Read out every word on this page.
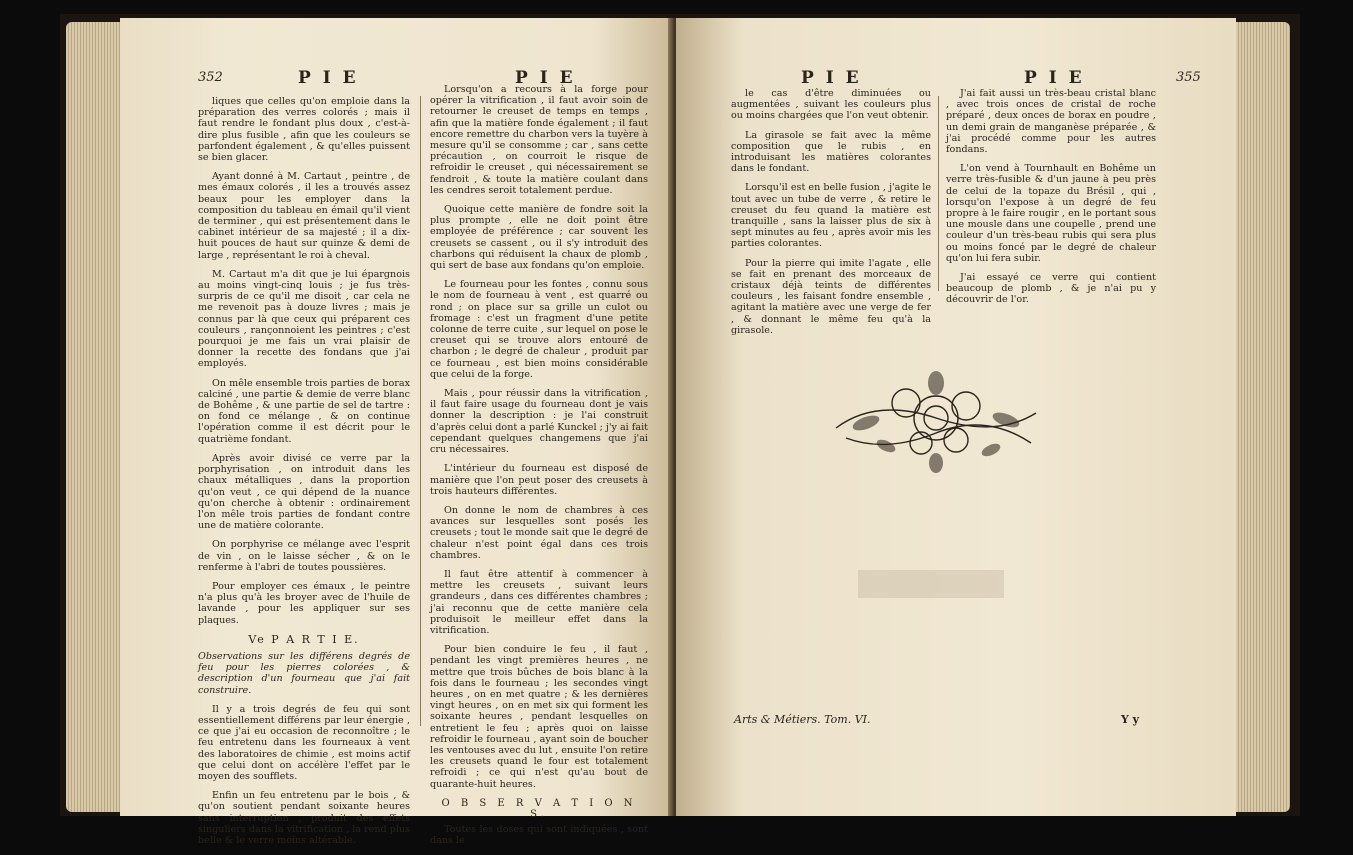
352	P I E	P I E

liques que celles qu'on emploie dans la préparation des verres colorés ; mais il faut rendre le fondant plus doux , c'est-à-dire plus fusible , afin que les couleurs se parfondent également , & qu'elles puissent se bien glacer.

Ayant donné à M. Cartaut , peintre , de mes émaux colorés , il les a trouvés assez beaux pour les employer dans la composition du tableau en émail qu'il vient de terminer , qui est présentement dans le cabinet intérieur de sa majesté ; il a dix-huit pouces de haut sur quinze & demi de large , représentant le roi à cheval.

M. Cartaut m'a dit que je lui épargnois au moins vingt-cinq louis ; je fus très-surpris de ce qu'il me disoit , car cela ne me revenoit pas à douze livres ; mais je connus par là que ceux qui préparent ces couleurs , rançonnoient les peintres ; c'est pourquoi je me fais un vrai plaisir de donner la recette des fondans que j'ai employés.

On mêle ensemble trois parties de borax calciné , une partie & demie de verre blanc de Bohême , & une partie de sel de tartre : on fond ce mélange , & on continue l'opération comme il est décrit pour le quatrième fondant.

Après avoir divisé ce verre par la porphyrisation , on introduit dans les chaux métalliques , dans la proportion qu'on veut , ce qui dépend de la nuance qu'on cherche à obtenir : ordinairement l'on mêle trois parties de fondant contre une de matière colorante.

On porphyrise ce mélange avec l'esprit de vin , on le laisse sécher , & on le renferme à l'abri de toutes poussières.

Pour employer ces émaux , le peintre n'a plus qu'à les broyer avec de l'huile de lavande , pour les appliquer sur ses plaques.

Ve P A R T I E.
Observations sur les différens degrés de feu pour les pierres colorées , & description d'un fourneau que j'ai fait construire.

Il y a trois degrés de feu qui sont essentiellement différens par leur énergie , ce que j'ai eu occasion de reconnoître ; le feu entretenu dans les fourneaux à vent des laboratoires de chimie , est moins actif que celui dont on accélère l'effet par le moyen des soufflets.

Enfin un feu entretenu par le bois , & qu'on soutient pendant soixante heures sans interruption , produit des effets singuliers dans la vitrification , la rend plus belle & le verre moins altérable.

Lorsqu'on a recours à la forge pour opérer la vitrification , il faut avoir soin de retourner le creuset de temps en temps , afin que la matière fonde également ; il faut encore remettre du charbon vers la tuyère à mesure qu'il se consomme ; car , sans cette précaution , on courroit le risque de refroidir le creuset , qui nécessairement se fendroit , & toute la matière coulant dans les cendres seroit totalement perdue.

Quoique cette manière de fondre soit la plus prompte , elle ne doit point être employée de préférence ; car souvent les creusets se cassent , ou il s'y introduit des charbons qui réduisent la chaux de plomb , qui sert de base aux fondans qu'on emploie.

Le fourneau pour les fontes , connu sous le nom de fourneau à vent , est quarré ou rond ; on place sur sa grille un culot ou fromage : c'est un fragment d'une petite colonne de terre cuite , sur lequel on pose le creuset qui se trouve alors entouré de charbon ; le degré de chaleur , produit par ce fourneau , est bien moins considérable que celui de la forge.

Mais , pour réussir dans la vitrification , il faut faire usage du fourneau dont je vais donner la description : je l'ai construit d'après celui dont a parlé Kunckel ; j'y ai fait cependant quelques changemens que j'ai cru nécessaires.

L'intérieur du fourneau est disposé de manière que l'on peut poser des creusets à trois hauteurs différentes.

On donne le nom de chambres à ces avances sur lesquelles sont posés les creusets ; tout le monde sait que le degré de chaleur n'est point égal dans ces trois chambres.

Il faut être attentif à commencer à mettre les creusets , suivant leurs grandeurs , dans ces différentes chambres ; j'ai reconnu que de cette manière cela produisoit le meilleur effet dans la vitrification.

Pour bien conduire le feu , il faut , pendant les vingt premières heures , ne mettre que trois bûches de bois blanc à la fois dans le fourneau ; les secondes vingt heures , on en met quatre ; & les dernières vingt heures , on en met six qui forment les soixante heures , pendant lesquelles on entretient le feu ; après quoi on laisse refroidir le fourneau , ayant soin de boucher les ventouses avec du lut , ensuite l'on retire les creusets quand le four est totalement refroidi ; ce qui n'est qu'au bout de quarante-huit heures.

O B S E R V A T I O N S.

Toutes les doses qui sont indiquées , sont dans le

P I E	P I E	355

le cas d'être diminuées ou augmentées , suivant les couleurs plus ou moins chargées que l'on veut obtenir.

La girasole se fait avec la même composition que le rubis , en introduisant les matières colorantes dans le fondant.

Lorsqu'il est en belle fusion , j'agite le tout avec un tube de verre , & retire le creuset du feu quand la matière est tranquille , sans la laisser plus de six à sept minutes au feu , après avoir mis les parties colorantes.

Pour la pierre qui imite l'agate , elle se fait en prenant des morceaux de cristaux déjà teints de différentes couleurs , les faisant fondre ensemble , agitant la matière avec une verge de fer , & donnant le même feu qu'à la girasole.

J'ai fait aussi un très-beau cristal blanc , avec trois onces de cristal de roche préparé , deux onces de borax en poudre , un demi grain de manganèse préparée , & j'ai procédé comme pour les autres fondans.

L'on vend à Tournhault en Bohême un verre très-fusible & d'un jaune à peu près de celui de la topaze du Brésil , qui , lorsqu'on l'expose à un degré de feu propre à le faire rougir , en le portant sous une mousle dans une coupelle , prend une couleur d'un très-beau rubis qui sera plus ou moins foncé par le degré de chaleur qu'on lui fera subir.

J'ai essayé ce verre qui contient beaucoup de plomb , & je n'ai pu y découvrir de l'or.

Arts & Métiers. Tom. VI.	Y y
